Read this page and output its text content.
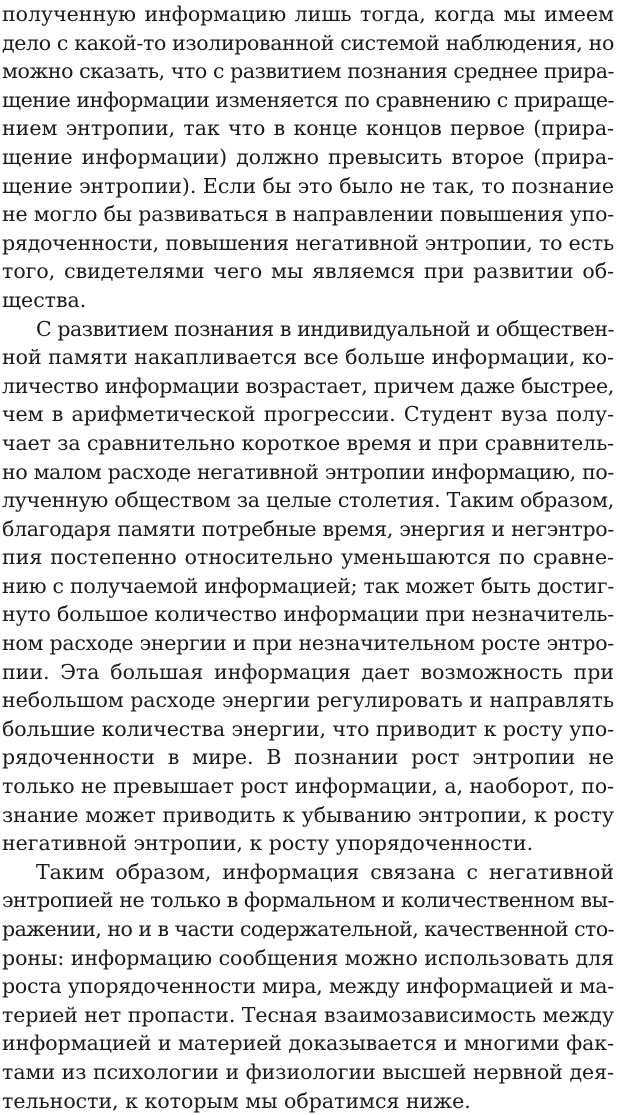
полученную информацию лишь тогда, когда мы имеем
дело с какой-то изолированной системой наблюдения, но
можно сказать, что с развитием познания среднее прира-
щение информации изменяется по сравнению с прираще-
нием энтропии, так что в конце концов первое (прира-
щение информации) должно превысить второе (прира-
щение энтропии). Если бы это было не так, то познание
не могло бы развиваться в направлении повышения упо-
рядоченности, повышения негативной энтропии, то есть
того, свидетелями чего мы являемся при развитии об-
щества.
С развитием познания в индивидуальной и обществен-
ной памяти накапливается все больше информации, ко-
личество информации возрастает, причем даже быстрее,
чем в арифметической прогрессии. Студент вуза полу-
чает за сравнительно короткое время и при сравнитель-
но малом расходе негативной энтропии информацию, по-
лученную обществом за целые столетия. Таким образом,
благодаря памяти потребные время, энергия и негэнтро-
пия постепенно относительно уменьшаются по сравне-
нию с получаемой информацией; так может быть достиг-
нуто большое количество информации при незначитель-
ном расходе энергии и при незначительном росте энтро-
пии. Эта большая информация дает возможность при
небольшом расходе энергии регулировать и направлять
большие количества энергии, что приводит к росту упо-
рядоченности в мире. В познании рост энтропии не
только не превышает рост информации, а, наоборот, по-
знание может приводить к убыванию энтропии, к росту
негативной энтропии, к росту упорядоченности.
Таким образом, информация связана с негативной
энтропией не только в формальном и количественном вы-
ражении, но и в части содержательной, качественной сто-
роны: информацию сообщения можно использовать для
роста упорядоченности мира, между информацией и ма-
терией нет пропасти. Тесная взаимозависимость между
информацией и материей доказывается и многими фак-
тами из психологии и физиологии высшей нервной дея-
тельности, к которым мы обратимся ниже.
